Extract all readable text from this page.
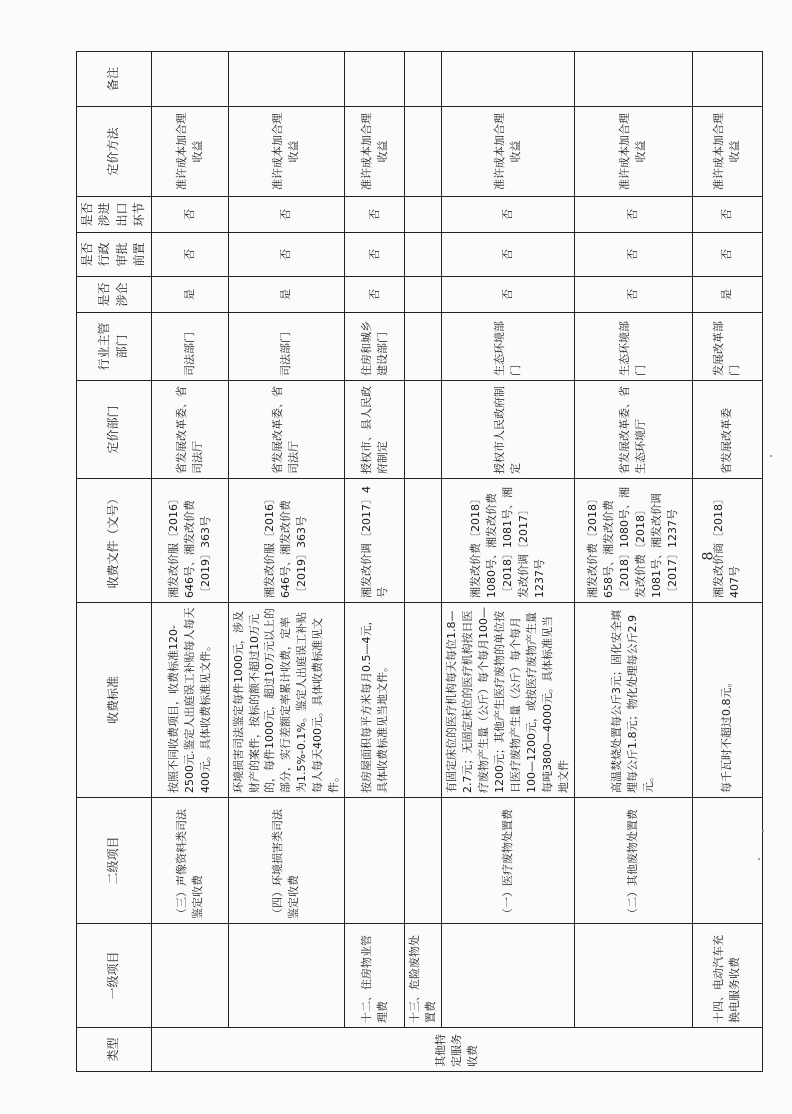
类型	一级项目	二级项目	收费标准	收费文件（文号）	定价部门	行业主管部门	是否涉企	是否行政审批前置	是否涉进出口环节	定价方法	备注
其他特定服务收费		（三）声像资料类司法鉴定收费	按照不同收费项目，收费标准120-2500元.鉴定人出庭误工补贴每人每天400元。具体收费标准见文件。	湘发改价服〔2016〕646号、湘发改价费〔2019〕363号	省发展改革委、省司法厅	司法部门	是	否	否	准许成本加合理收益	
		（四）环境损害类司法鉴定收费	环境损害司法鉴定每件1000元，涉及财产的案件，按标的额不超过10万元的，每件1000元，超过10万元以上的部分，实行差额定率累计收费，定率为1.5%-0.1%。鉴定人出庭误工补贴每人每天400元。具体收费标准见文件。	湘发改价服〔2016〕646号、湘发改价费〔2019〕363号	省发展改革委、省司法厅	司法部门	是	否	否	准许成本加合理收益	
	十二、住房物业管理费		按房屋面积每平方米每月0.5—4元，具体收费标准见当地文件。	湘发改价调〔2017〕4号	授权市、县人民政府制定	住房和城乡建设部门	否	否	否	准许成本加合理收益	
	十三、危险废物处置费										
		（一）医疗废物处置费	有固定床位的医疗机构每天每位1.8—2.7元；无固定床位的医疗机构按日医疗废物产生量（公斤）每个每月100—1200元；其他产生医疗废物的单位按日医疗废物产生量（公斤）每个每月100—1200元，或按医疗废物产生量每吨3800—4000元。具体标准见当地文件	湘发改价费〔2018〕1080号、湘发改价费〔2018〕1081号、湘发改价调〔2017〕1237号	授权市人民政府制定	生态环境部门	否	否	否	准许成本加合理收益	
		（二）其他废物处置费	高温焚烧处置每公斤3元；固化安全填埋每公斤1.8元；物化处理每公斤2.9元。	湘发改价费〔2018〕658号、湘发改价费〔2018〕1080号、湘发改价费〔2018〕1081号、湘发改价调〔2017〕1237号	省发展改革委、省生态环境厅	生态环境部门	否	否	否	准许成本加合理收益	
	十四、电动汽车充换电服务收费		每千瓦时不超过0.8元。	湘发改价商〔2018〕407号	省发展改革委	发展改革部门	是	否	否	准许成本加合理收益	
8
